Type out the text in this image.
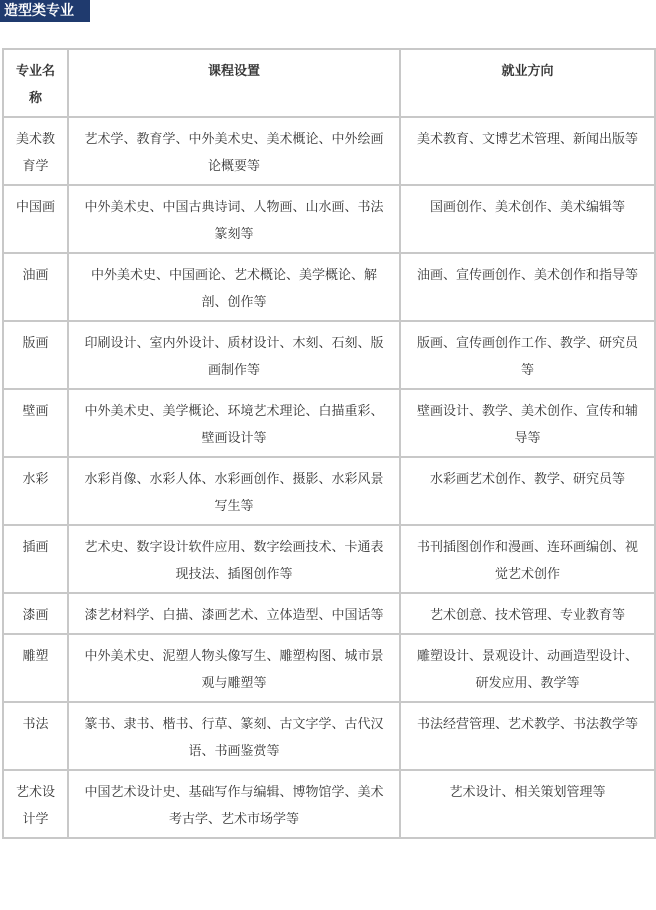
造型类专业
专业名称	课程设置	就业方向
美术教育学	艺术学、教育学、中外美术史、美术概论、中外绘画论概要等	美术教育、文博艺术管理、新闻出版等
中国画	中外美术史、中国古典诗词、人物画、山水画、书法篆刻等	国画创作、美术创作、美术编辑等
油画	中外美术史、中国画论、艺术概论、美学概论、解剖、创作等	油画、宣传画创作、美术创作和指导等
版画	印刷设计、室内外设计、质材设计、木刻、石刻、版画制作等	版画、宣传画创作工作、教学、研究员等
壁画	中外美术史、美学概论、环境艺术理论、白描重彩、壁画设计等	壁画设计、教学、美术创作、宣传和辅导等
水彩	水彩肖像、水彩人体、水彩画创作、摄影、水彩风景写生等	水彩画艺术创作、教学、研究员等
插画	艺术史、数字设计软件应用、数字绘画技术、卡通表现技法、插图创作等	书刊插图创作和漫画、连环画编创、视觉艺术创作
漆画	漆艺材料学、白描、漆画艺术、立体造型、中国话等	艺术创意、技术管理、专业教育等
雕塑	中外美术史、泥塑人物头像写生、雕塑构图、城市景观与雕塑等	雕塑设计、景观设计、动画造型设计、研发应用、教学等
书法	篆书、隶书、楷书、行草、篆刻、古文字学、古代汉语、书画鉴赏等	书法经营管理、艺术教学、书法教学等
艺术设计学	中国艺术设计史、基础写作与编辑、博物馆学、美术考古学、艺术市场学等	艺术设计、相关策划管理等
